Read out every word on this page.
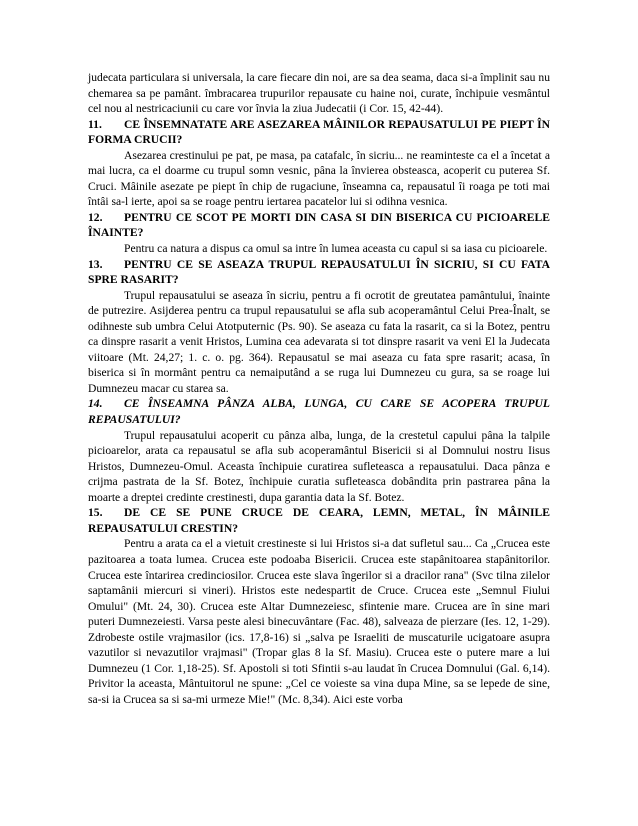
judecata particulara si universala, la care fiecare din noi, are sa dea seama, daca si-a împlinit sau nu chemarea sa pe pamânt. îmbracarea trupurilor repausate cu haine noi, curate, închipuie vesmântul cel nou al nestricaciunii cu care vor învia la ziua Judecatii (i Cor. 15, 42-44).

11. CE ÎNSEMNATATE ARE ASEZAREA MÂINILOR REPAUSATULUI PE PIEPT ÎN FORMA CRUCII?

Asezarea crestinului pe pat, pe masa, pa catafalc, în sicriu... ne reaminteste ca el a încetat a mai lucra, ca el doarme cu trupul somn vesnic, pâna la învierea obsteasca, acoperit cu puterea Sf. Cruci. Mâinile asezate pe piept în chip de rugaciune, înseamna ca, repausatul îi roaga pe toti mai întâi sa-l ierte, apoi sa se roage pentru iertarea pacatelor lui si odihna vesnica.

12. PENTRU CE SCOT PE MORTI DIN CASA SI DIN BISERICA CU PICIOARELE ÎNAINTE?

Pentru ca natura a dispus ca omul sa intre în lumea aceasta cu capul si sa iasa cu picioarele.

13. PENTRU CE SE ASEAZA TRUPUL REPAUSATULUI ÎN SICRIU, SI CU FATA SPRE RASARIT?

Trupul repausatului se aseaza în sicriu, pentru a fi ocrotit de greutatea pamântului, înainte de putrezire. Asijderea pentru ca trupul repausatului se afla sub acoperamântul Celui Prea-Înalt, se odihneste sub umbra Celui Atotputernic (Ps. 90). Se aseaza cu fata la rasarit, ca si la Botez, pentru ca dinspre rasarit a venit Hristos, Lumina cea adevarata si tot dinspre rasarit va veni El la Judecata viitoare (Mt. 24,27; 1. c. o. pg. 364). Repausatul se mai aseaza cu fata spre rasarit; acasa, în biserica si în mormânt pentru ca nemaiputând a se ruga lui Dumnezeu cu gura, sa se roage lui Dumnezeu macar cu starea sa.

14. CE ÎNSEAMNA PÂNZA ALBA, LUNGA, CU CARE SE ACOPERA TRUPUL REPAUSATULUI?

Trupul repausatului acoperit cu pânza alba, lunga, de la crestetul capului pâna la talpile picioarelor, arata ca repausatul se afla sub acoperamântul Bisericii si al Domnului nostru Iisus Hristos, Dumnezeu-Omul. Aceasta închipuie curatirea sufleteasca a repausatului. Daca pânza e crijma pastrata de la Sf. Botez, închipuie curatia sufleteasca dobândita prin pastrarea pâna la moarte a dreptei credinte crestinesti, dupa garantia data la Sf. Botez.

15. DE CE SE PUNE CRUCE DE CEARA, LEMN, METAL, ÎN MÂINILE REPAUSATULUI CRESTIN?

Pentru a arata ca el a vietuit crestineste si lui Hristos si-a dat sufletul sau... Ca „Crucea este pazitoarea a toata lumea. Crucea este podoaba Bisericii. Crucea este stapânitoarea stapânitorilor. Crucea este întarirea credinciosilor. Crucea este slava îngerilor si a dracilor rana" (Svc tilna zilelor saptamânii miercuri si vineri). Hristos este nedespartit de Cruce. Crucea este „Semnul Fiului Omului" (Mt. 24, 30). Crucea este Altar Dumnezeiesc, sfintenie mare. Crucea are în sine mari puteri Dumnezeiesti. Varsa peste alesi binecuvântare (Fac. 48), salveaza de pierzare (Ies. 12, 1-29). Zdrobeste ostile vrajmasilor (ics. 17,8-16) si „salva pe Israeliti de muscaturile ucigatoare asupra vazutilor si nevazutilor vrajmasi" (Tropar glas 8 la Sf. Masiu). Crucea este o putere mare a lui Dumnezeu (1 Cor. 1,18-25). Sf. Apostoli si toti Sfintii s-au laudat în Crucea Domnului (Gal. 6,14). Privitor la aceasta, Mântuitorul ne spune: „Cel ce voieste sa vina dupa Mine, sa se lepede de sine, sa-si ia Crucea sa si sa-mi urmeze Mie!" (Mc. 8,34). Aici este vorba
